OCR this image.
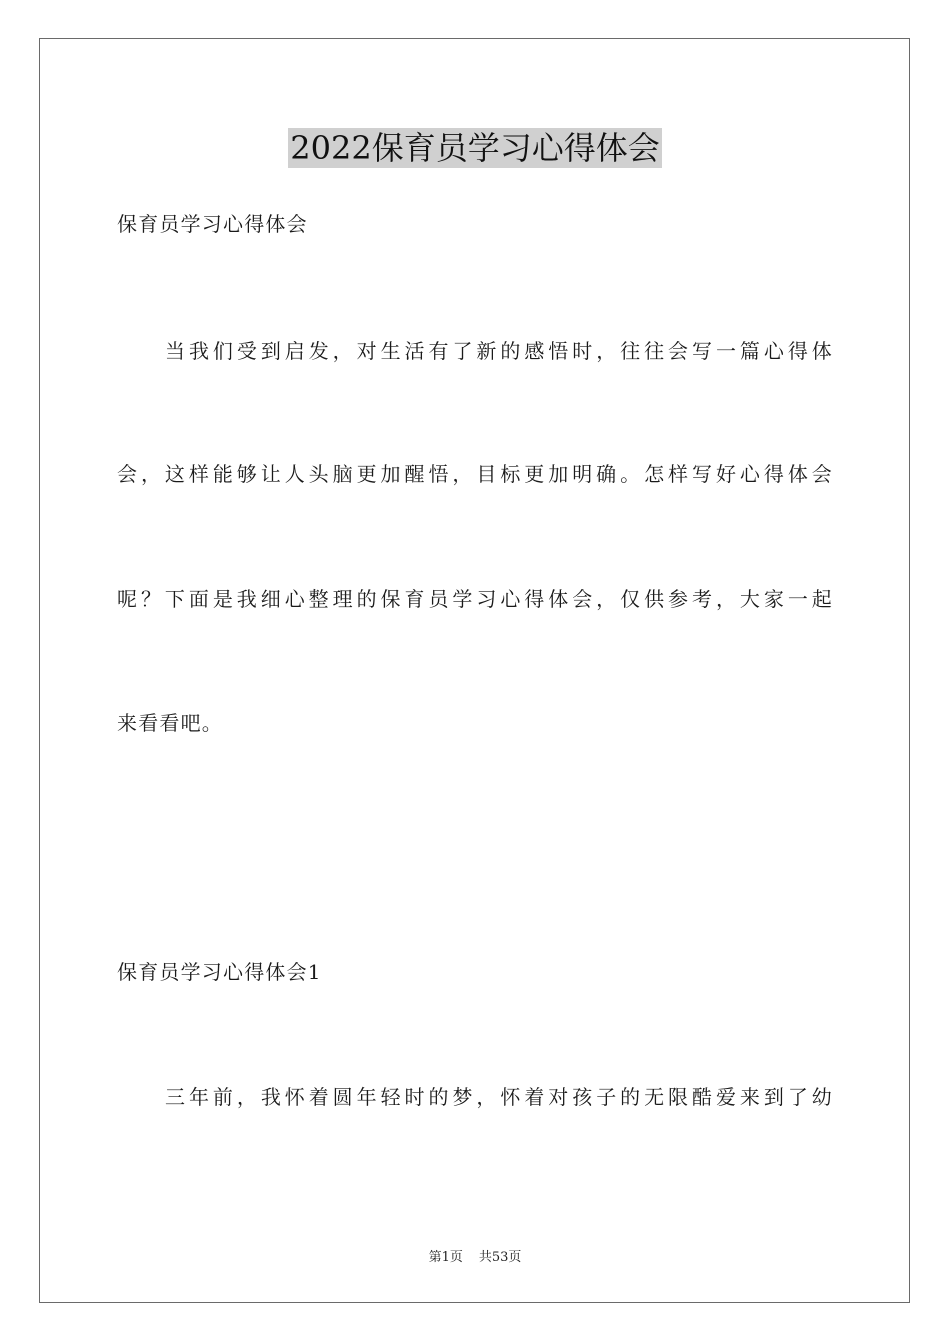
2022保育员学习心得体会
保育员学习心得体会
当我们受到启发，对生活有了新的感悟时，往往会写一篇心得体
会，这样能够让人头脑更加醒悟，目标更加明确。怎样写好心得体会
呢？下面是我细心整理的保育员学习心得体会，仅供参考，大家一起
来看看吧。
保育员学习心得体会1
三年前，我怀着圆年轻时的梦，怀着对孩子的无限酷爱来到了幼
第1页 共53页
